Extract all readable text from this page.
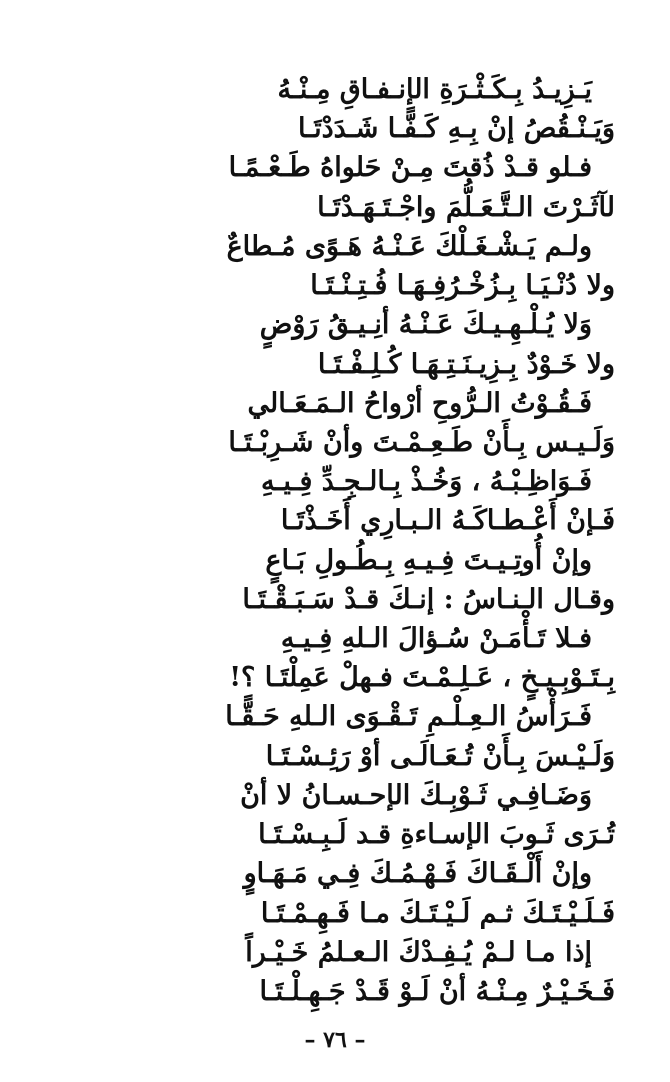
يَـزِيـدُ بِـكَـثْـرَةِ الإنـفـاقِ مِـنْـهُ
وَيَـنْـقُصُ إنْ بِـهِ كَـفًّـا شَـدَدْتَـا
فـلو قـدْ ذُقتَ مِـنْ حَلواهُ طَـعْـمًـا
لآثَـرْتَ الـتَّـعَـلُّمَ واجْـتَـهَـدْتَـا
ولـم يَـشْـغَـلْكَ عَـنْـهُ هَـوًى مُـطاعٌ
ولا دُنْـيَـا بِـزُخْـرُفِـهَـا فُـتِـنْـتَـا
وَلا يُـلْـهِـيـكَ عَـنْـهُ أنِـيـقُ رَوْضٍ
ولا خَـوْدٌ بِـزِيـنَـتِـهَـا كُـلِـفْـتَـا
فَـقُـوْتُ الـرُّوحِ أرْواحُ الـمَـعَـالي
وَلَـيـس بِـأَنْ طَـعِـمْـتَ وأنْ شَـرِبْـتَـا
فَـوَاظِـبْـهُ ، وَخُـذْ بِـالـجِـدِّ فِـيـهِ
فَـإنْ أَعْـطـاكَـهُ الـبـارِي أَخَـذْتَـا
وإنْ أُوتِـيـتَ فِـيـهِ بِـطُـولِ بَـاعٍ
وقـال الـنـاسُ : إنـكَ قـدْ سَـبَـقْـتَـا
فـلا تَـأْمَـنْ سُـؤالَ الـلهِ فِـيـهِ
بِـتَـوْبِـيـخٍ ، عَـلِـمْـتَ فـهلْ عَمِلْتَـا ؟!
فَـرَأْسُ الـعِـلْـمِ تَـقْـوَى الـلهِ حَـقًّـا
وَلَـيْـسَ بِـأَنْ تُـعَـالَـى أوْ رَئِـسْـتَـا
وَضَـافِـي ثَـوْبِـكَ الإحـسـانُ لا أنْ
تُـرَى ثَـوبَ الإسـاءةِ قـد لَـبِـسْـتَـا
وإنْ أَلْـقَـاكَ فَـهْـمُـكَ فِـي مَـهَـاوٍ
فَـلَـيْـتَـكَ ثـم لَـيْـتَـكَ مـا فَـهِـمْـتَـا
إذا مـا لـمْ يُـفِـدْكَ الـعـلمُ خَـيْـراً
فَـخَـيْـرٌ مِـنْـهُ أنْ لَـوْ قَـدْ جَـهِـلْـتَـا
– ٧٦ –
